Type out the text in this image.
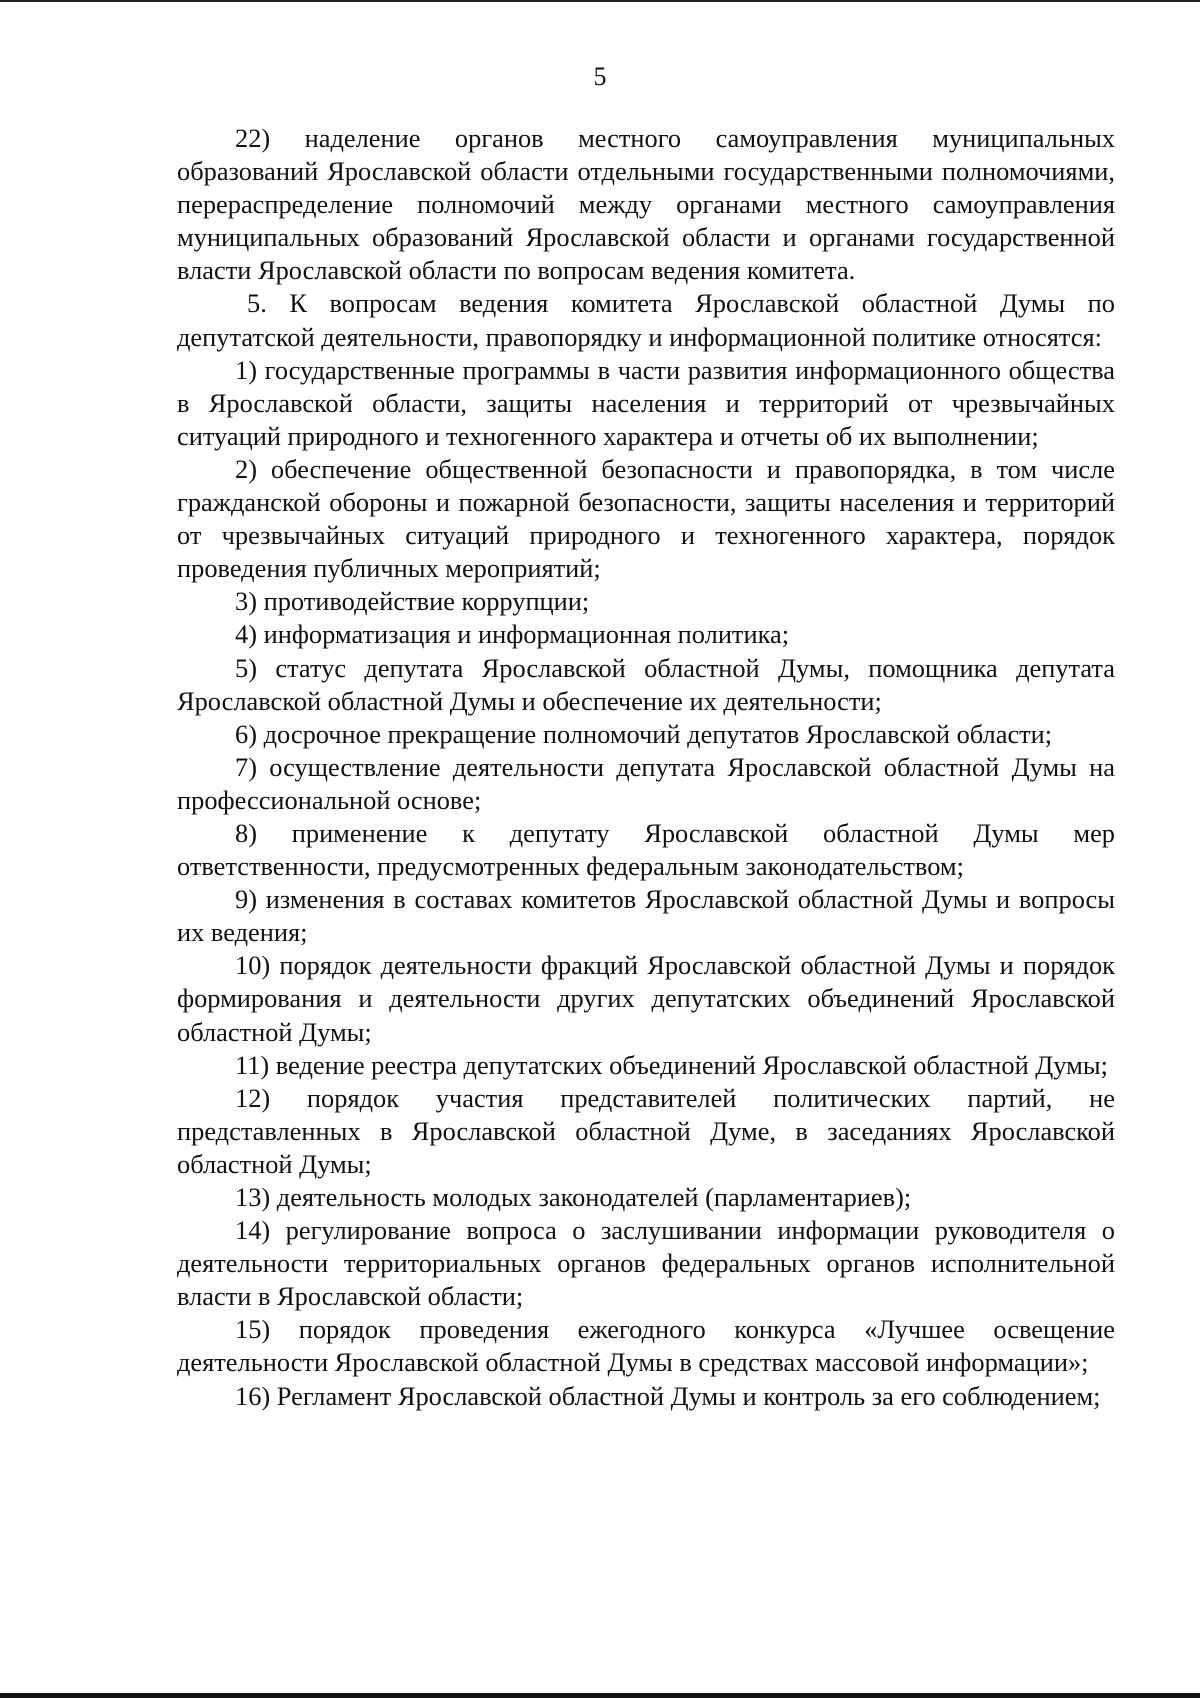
5

22) наделение органов местного самоуправления муниципальных образований Ярославской области отдельными государственными полномочиями, перераспределение полномочий между органами местного самоуправления муниципальных образований Ярославской области и органами государственной власти Ярославской области по вопросам ведения комитета.

5. К вопросам ведения комитета Ярославской областной Думы по депутатской деятельности, правопорядку и информационной политике относятся:

1) государственные программы в части развития информационного общества в Ярославской области, защиты населения и территорий от чрезвычайных ситуаций природного и техногенного характера и отчеты об их выполнении;

2) обеспечение общественной безопасности и правопорядка, в том числе гражданской обороны и пожарной безопасности, защиты населения и территорий от чрезвычайных ситуаций природного и техногенного характера, порядок проведения публичных мероприятий;

3) противодействие коррупции;

4) информатизация и информационная политика;

5) статус депутата Ярославской областной Думы, помощника депутата Ярославской областной Думы и обеспечение их деятельности;

6) досрочное прекращение полномочий депутатов Ярославской области;

7) осуществление деятельности депутата Ярославской областной Думы на профессиональной основе;

8) применение к депутату Ярославской областной Думы мер ответственности, предусмотренных федеральным законодательством;

9) изменения в составах комитетов Ярославской областной Думы и вопросы их ведения;

10) порядок деятельности фракций Ярославской областной Думы и порядок формирования и деятельности других депутатских объединений Ярославской областной Думы;

11) ведение реестра депутатских объединений Ярославской областной Думы;

12) порядок участия представителей политических партий, не представленных в Ярославской областной Думе, в заседаниях Ярославской областной Думы;

13) деятельность молодых законодателей (парламентариев);

14) регулирование вопроса о заслушивании информации руководителя о деятельности территориальных органов федеральных органов исполнительной власти в Ярославской области;

15) порядок проведения ежегодного конкурса «Лучшее освещение деятельности Ярославской областной Думы в средствах массовой информации»;

16) Регламент Ярославской областной Думы и контроль за его соблюдением;
